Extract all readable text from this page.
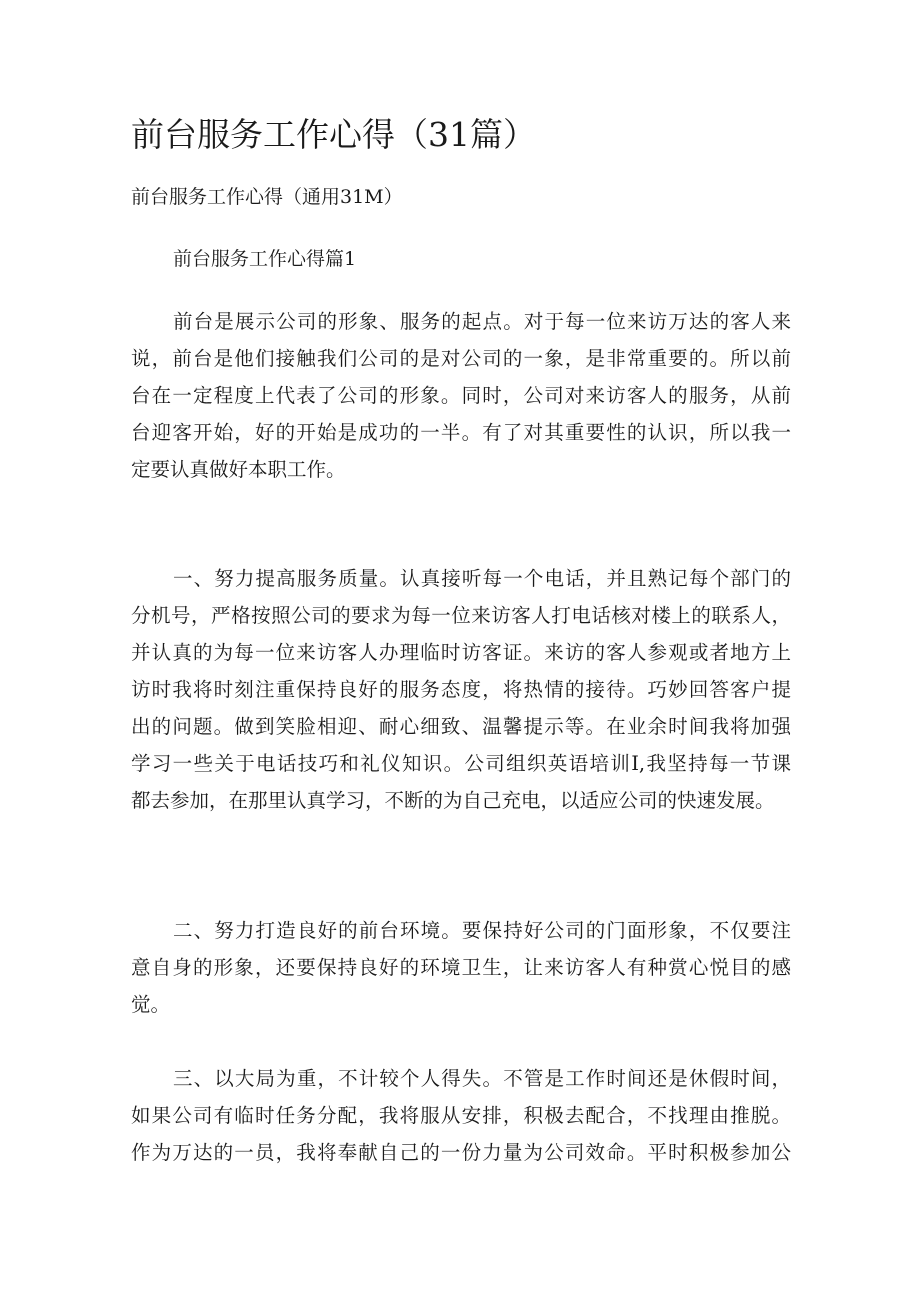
前台服务工作心得（31篇）
前台服务工作心得（通用31M）
前台服务工作心得篇1
前台是展示公司的形象、服务的起点。对于每一位来访万达的客人来
说，前台是他们接触我们公司的是对公司的一象，是非常重要的。所以前
台在一定程度上代表了公司的形象。同时，公司对来访客人的服务，从前
台迎客开始，好的开始是成功的一半。有了对其重要性的认识，所以我一
定要认真做好本职工作。
一、努力提高服务质量。认真接听每一个电话，并且熟记每个部门的
分机号，严格按照公司的要求为每一位来访客人打电话核对楼上的联系人，
并认真的为每一位来访客人办理临时访客证。来访的客人参观或者地方上
访时我将时刻注重保持良好的服务态度，将热情的接待。巧妙回答客户提
出的问题。做到笑脸相迎、耐心细致、温馨提示等。在业余时间我将加强
学习一些关于电话技巧和礼仪知识。公司组织英语培训I,我坚持每一节课
都去参加，在那里认真学习，不断的为自己充电，以适应公司的快速发展。
二、努力打造良好的前台环境。要保持好公司的门面形象，不仅要注
意自身的形象，还要保持良好的环境卫生，让来访客人有种赏心悦目的感
觉。
三、以大局为重，不计较个人得失。不管是工作时间还是休假时间，
如果公司有临时任务分配，我将服从安排，积极去配合，不找理由推脱。
作为万达的一员，我将奉献自己的一份力量为公司效命。平时积极参加公
